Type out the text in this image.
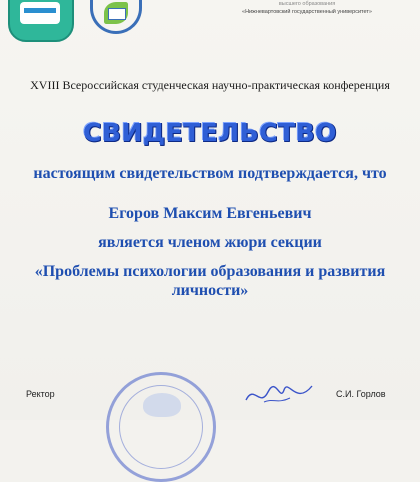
высшего образования
«Нижневартовский государственный университет»
XVIII Всероссийская студенческая научно-практическая конференция
СВИДЕТЕЛЬСТВО
настоящим свидетельством подтверждается, что
Егоров Максим Евгеньевич
является членом жюри секции
«Проблемы психологии образования и развития личности»
Ректор	С.И. Горлов
